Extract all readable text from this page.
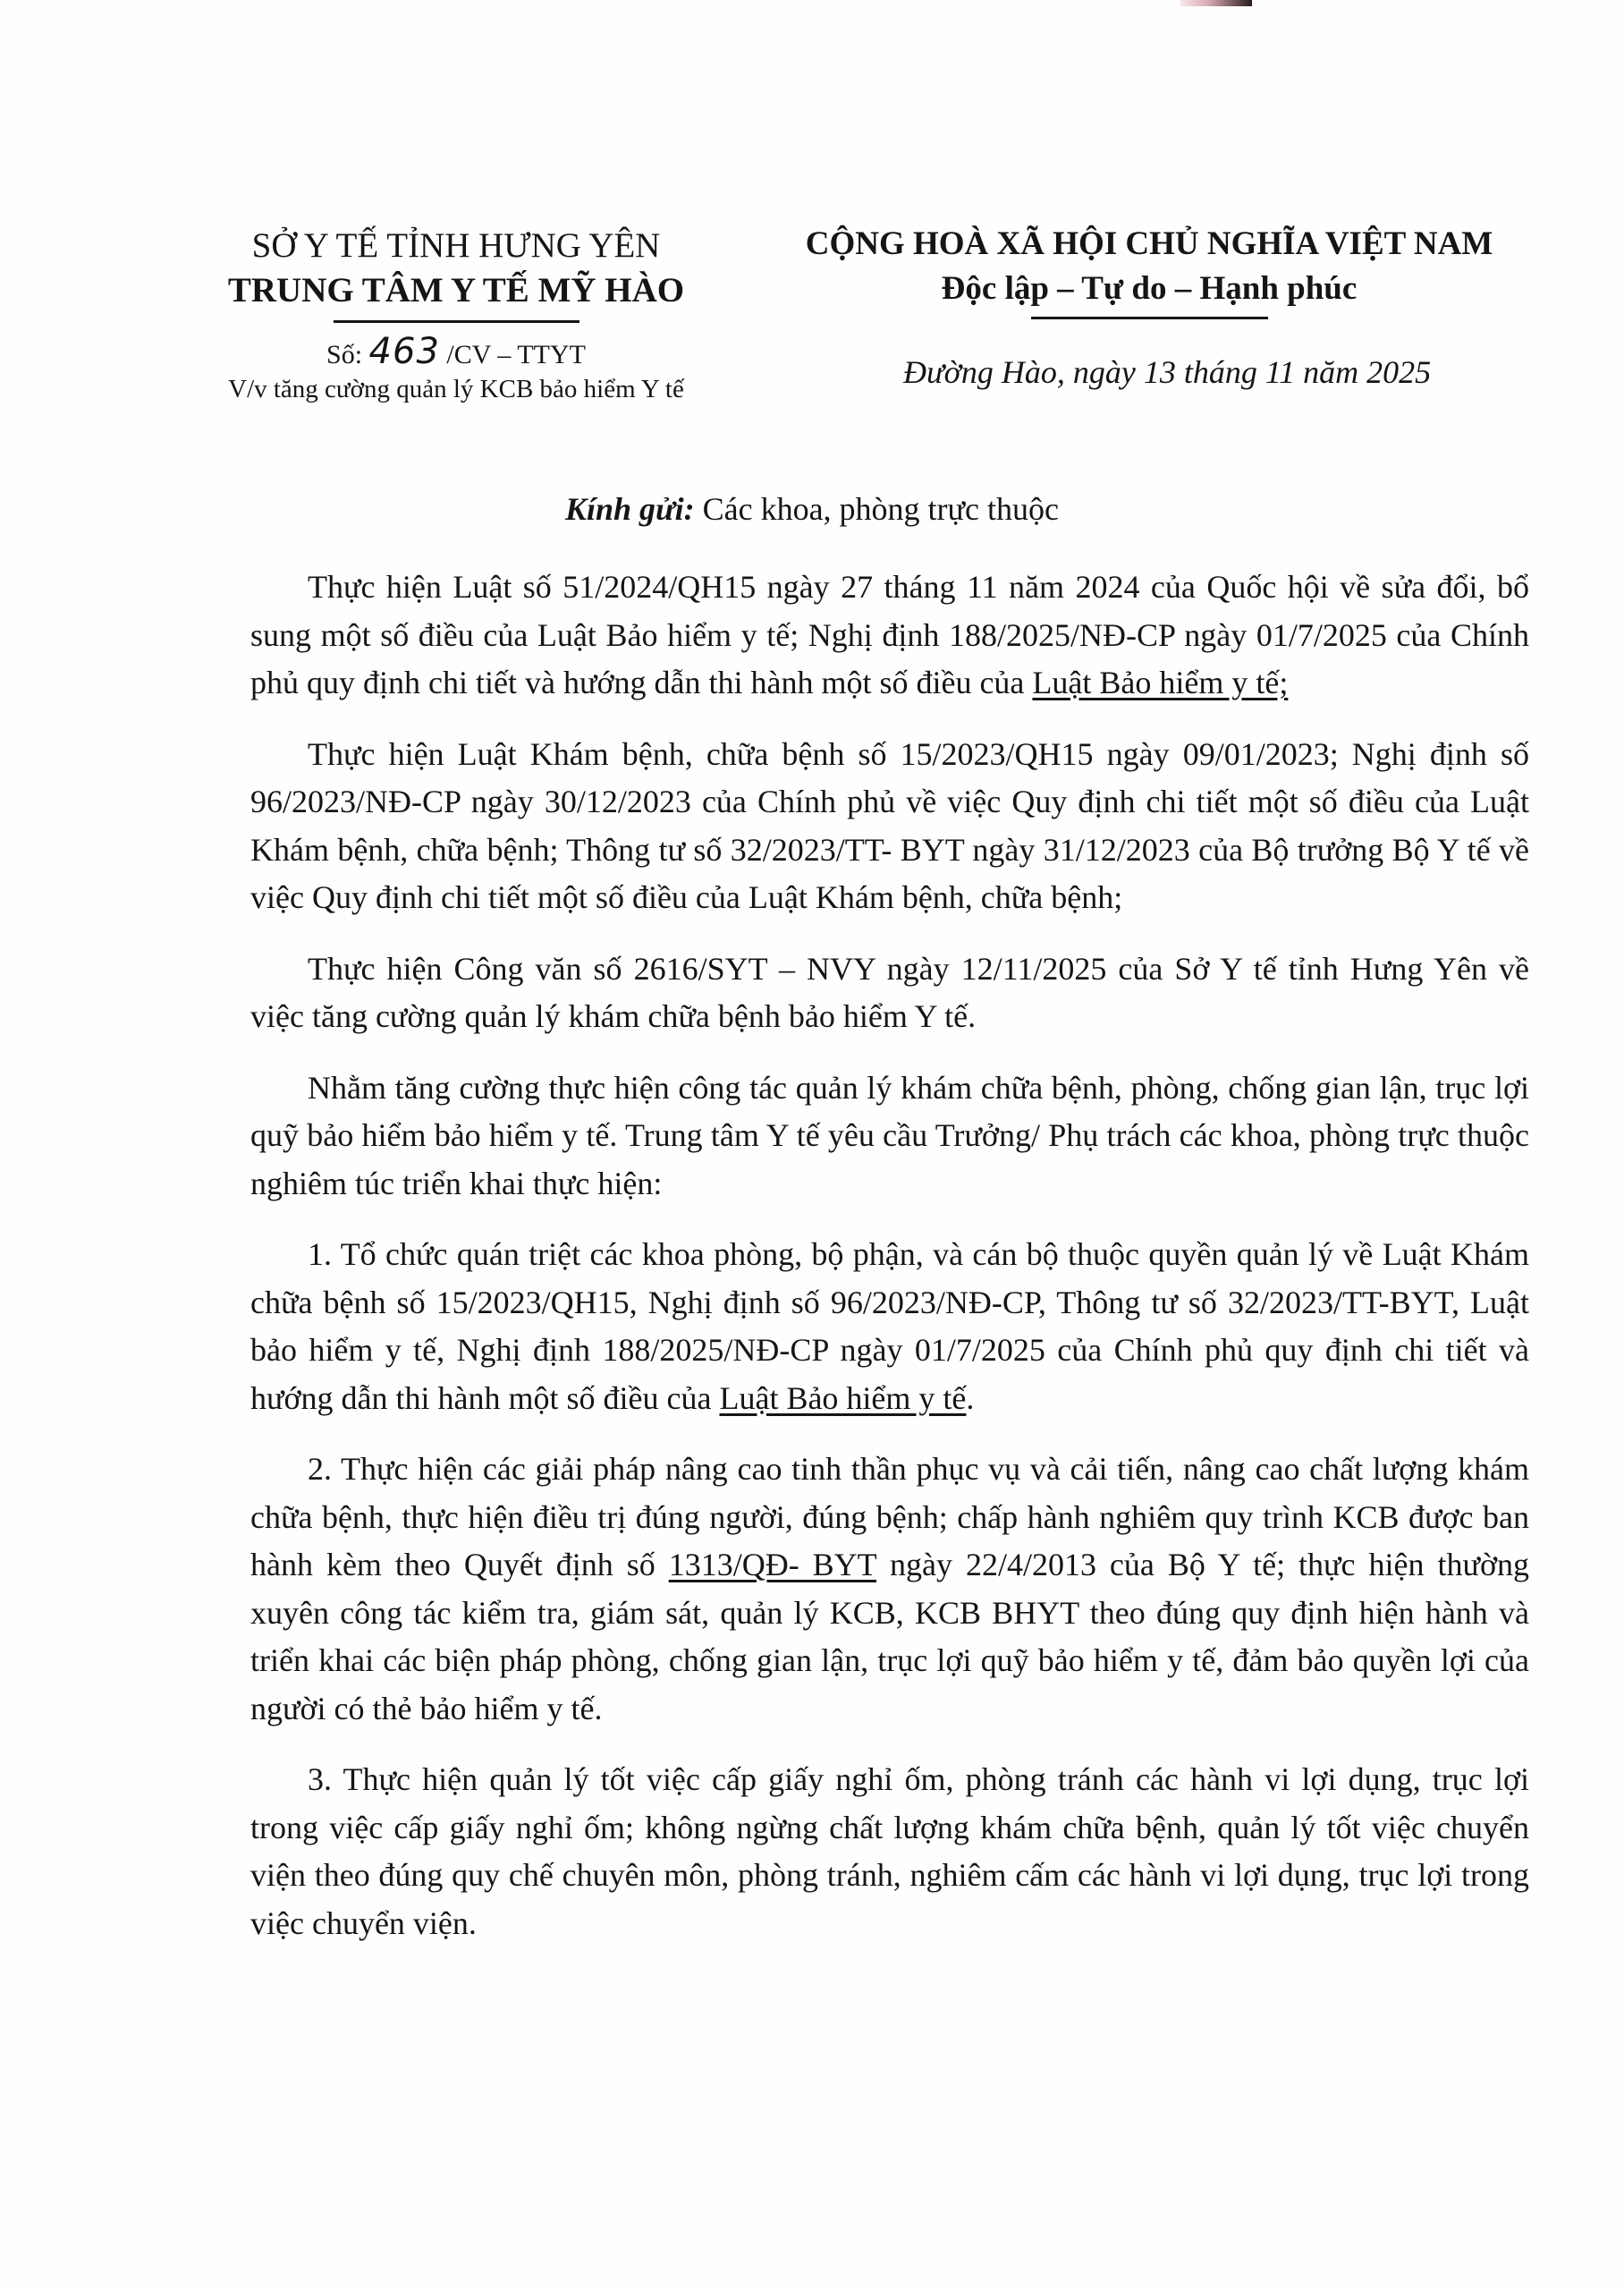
SỞ Y TẾ TỈNH HƯNG YÊN
TRUNG TÂM Y TẾ MỸ HÀO
Số: 463 /CV – TTYT
V/v tăng cường quản lý KCB bảo hiểm Y tế
CỘNG HOÀ XÃ HỘI CHỦ NGHĨA VIỆT NAM
Độc lập – Tự do – Hạnh phúc
Đường Hào, ngày 13 tháng 11 năm 2025
Kính gửi: Các khoa, phòng trực thuộc

Thực hiện Luật số 51/2024/QH15 ngày 27 tháng 11 năm 2024 của Quốc hội về sửa đổi, bổ sung một số điều của Luật Bảo hiểm y tế; Nghị định 188/2025/NĐ-CP ngày 01/7/2025 của Chính phủ quy định chi tiết và hướng dẫn thi hành một số điều của Luật Bảo hiểm y tế;

Thực hiện Luật Khám bệnh, chữa bệnh số 15/2023/QH15 ngày 09/01/2023; Nghị định số 96/2023/NĐ-CP ngày 30/12/2023 của Chính phủ về việc Quy định chi tiết một số điều của Luật Khám bệnh, chữa bệnh; Thông tư số 32/2023/TT- BYT ngày 31/12/2023 của Bộ trưởng Bộ Y tế về việc Quy định chi tiết một số điều của Luật Khám bệnh, chữa bệnh;

Thực hiện Công văn số 2616/SYT – NVY ngày 12/11/2025 của Sở Y tế tỉnh Hưng Yên về việc tăng cường quản lý khám chữa bệnh bảo hiểm Y tế.

Nhằm tăng cường thực hiện công tác quản lý khám chữa bệnh, phòng, chống gian lận, trục lợi quỹ bảo hiểm bảo hiểm y tế. Trung tâm Y tế yêu cầu Trưởng/ Phụ trách các khoa, phòng trực thuộc nghiêm túc triển khai thực hiện:

1. Tổ chức quán triệt các khoa phòng, bộ phận, và cán bộ thuộc quyền quản lý về Luật Khám chữa bệnh số 15/2023/QH15, Nghị định số 96/2023/NĐ-CP, Thông tư số 32/2023/TT-BYT, Luật bảo hiểm y tế, Nghị định 188/2025/NĐ-CP ngày 01/7/2025 của Chính phủ quy định chi tiết và hướng dẫn thi hành một số điều của Luật Bảo hiểm y tế.

2. Thực hiện các giải pháp nâng cao tinh thần phục vụ và cải tiến, nâng cao chất lượng khám chữa bệnh, thực hiện điều trị đúng người, đúng bệnh; chấp hành nghiêm quy trình KCB được ban hành kèm theo Quyết định số 1313/QĐ- BYT ngày 22/4/2013 của Bộ Y tế; thực hiện thường xuyên công tác kiểm tra, giám sát, quản lý KCB, KCB BHYT theo đúng quy định hiện hành và triển khai các biện pháp phòng, chống gian lận, trục lợi quỹ bảo hiểm y tế, đảm bảo quyền lợi của người có thẻ bảo hiểm y tế.

3. Thực hiện quản lý tốt việc cấp giấy nghỉ ốm, phòng tránh các hành vi lợi dụng, trục lợi trong việc cấp giấy nghỉ ốm; không ngừng chất lượng khám chữa bệnh, quản lý tốt việc chuyển viện theo đúng quy chế chuyên môn, phòng tránh, nghiêm cấm các hành vi lợi dụng, trục lợi trong việc chuyển viện.
